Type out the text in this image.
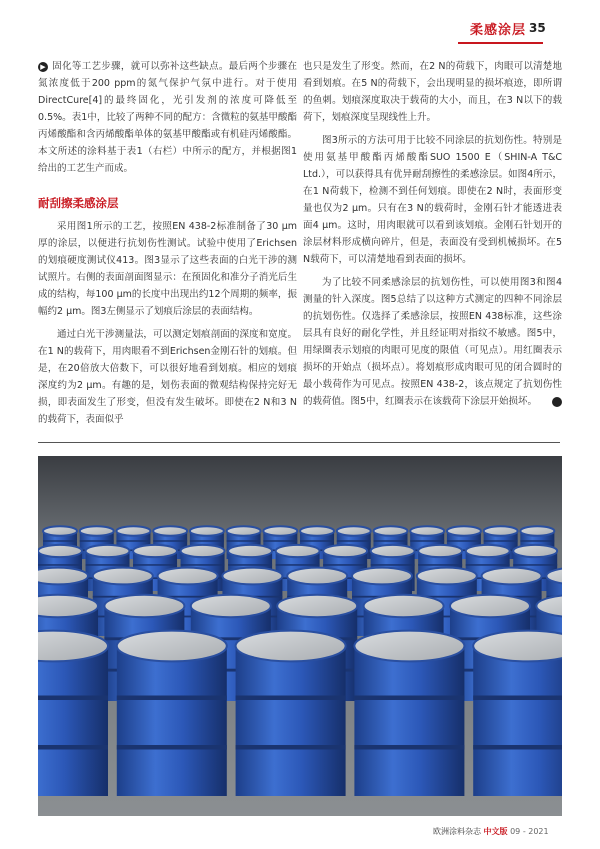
柔感涂层 35

▶ 固化等工艺步骤，就可以弥补这些缺点。最后两个步骤在氮浓度低于200 ppm的氮气保护气氛中进行。对于使用DirectCure[4]的最终固化，光引发剂的浓度可降低至0.5%。表1中，比较了两种不同的配方：含微粒的氨基甲酸酯丙烯酸酯和含丙烯酸酯单体的氨基甲酸酯或有机硅丙烯酸酯。本文所述的涂料基于表1（右栏）中所示的配方，并根据图1给出的工艺生产而成。

耐刮擦柔感涂层

采用图1所示的工艺，按照EN 438-2标准制备了30 μm厚的涂层，以便进行抗划伤性测试。试验中使用了Erichsen的划痕硬度测试仪413。图3显示了这些表面的白光干涉的测试照片。右侧的表面剖面图显示：在预固化和准分子消光后生成的结构，每100 μm的长度中出现出约12个周期的频率，振幅约2 μm。图3左侧显示了划痕后涂层的表面结构。

通过白光干涉测量法，可以测定划痕剖面的深度和宽度。在1 N的载荷下，用肉眼看不到Erichsen金刚石针的划痕。但是，在20倍放大倍数下，可以很好地看到划痕。相应的划痕深度约为2 μm。有趣的是，划伤表面的微观结构保持完好无损，即表面发生了形变，但没有发生破坏。即使在2 N和3 N的载荷下，表面似乎

也只是发生了形变。然而，在2 N的荷载下，肉眼可以清楚地看到划痕。在5 N的荷载下，会出现明显的损坏痕迹，即所谓的鱼刺。划痕深度取决于载荷的大小，而且，在3 N以下的载荷下，划痕深度呈现线性上升。

图3所示的方法可用于比较不同涂层的抗划伤性。特别是使用氨基甲酸酯丙烯酸酯SUO 1500 E（SHIN-A T&C Ltd.），可以获得具有优异耐刮擦性的柔感涂层。如图4所示，在1 N荷载下，检测不到任何划痕。即使在2 N时，表面形变量也仅为2 μm。只有在3 N的载荷时，金刚石针才能透进表面4 μm。这时，用肉眼就可以看到该划痕。金刚石针划开的涂层材料形成横向碎片，但是，表面没有受到机械损坏。在5 N载荷下，可以清楚地看到表面的损坏。

为了比较不同柔感涂层的抗划伤性，可以使用图3和图4测量的针入深度。图5总结了以这种方式测定的四种不同涂层的抗划伤性。仅选择了柔感涂层，按照EN 438标准，这些涂层具有良好的耐化学性，并且经证明对指纹不敏感。图5中，用绿圈表示划痕的肉眼可见度的限值（可见点）。用红圈表示损坏的开始点（损坏点）。将划痕形成肉眼可见的闭合圆时的最小载荷作为可见点。按照EN 438-2，该点规定了抗划伤性的载荷值。图5中，红圈表示在该载荷下涂层开始损坏。	◀

欧洲涂料杂志 中文版 09 - 2021
